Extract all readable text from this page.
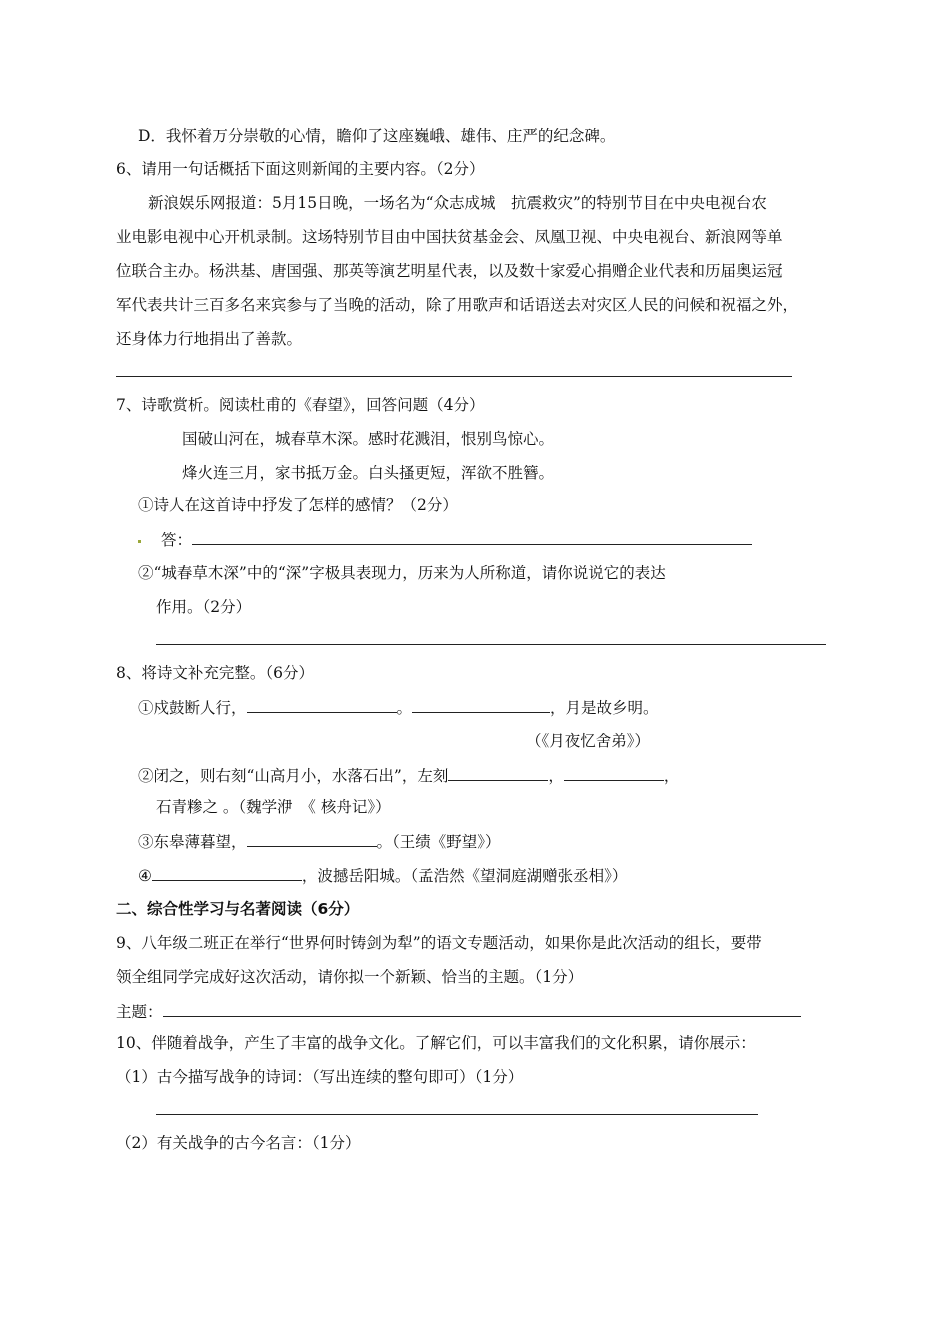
D．我怀着万分崇敬的心情，瞻仰了这座巍峨、雄伟、庄严的纪念碑。
6、请用一句话概括下面这则新闻的主要内容。（2分）
新浪娱乐网报道：5月15日晚，一场名为“众志成城　抗震救灾”的特别节目在中央电视台农
业电影电视中心开机录制。这场特别节目由中国扶贫基金会、凤凰卫视、中央电视台、新浪网等单
位联合主办。杨洪基、唐国强、那英等演艺明星代表，以及数十家爱心捐赠企业代表和历届奥运冠
军代表共计三百多名来宾参与了当晚的活动，除了用歌声和话语送去对灾区人民的问候和祝福之外，
还身体力行地捐出了善款。
7、诗歌赏析。阅读杜甫的《春望》，回答问题（4分）
国破山河在，城春草木深。感时花溅泪，恨别鸟惊心。
烽火连三月，家书抵万金。白头搔更短，浑欲不胜簪。
①诗人在这首诗中抒发了怎样的感情？（2分）
答：
②“城春草木深”中的“深”字极具表现力，历来为人所称道，请你说说它的表达
作用。（2分）
8、将诗文补充完整。（6分）
①戍鼓断人行，	。	，月是故乡明。
（《月夜忆舍弟》）
②闭之，则右刻“山高月小，水落石出”，左刻	，	，
石青糁之 。（魏学洢　《 核舟记》）
③东皋薄暮望，	。（王绩《野望》）
④	，波撼岳阳城。（孟浩然《望洞庭湖赠张丞相》）
二、综合性学习与名著阅读（6分）
9、八年级二班正在举行“世界何时铸剑为犁”的语文专题活动，如果你是此次活动的组长，要带
领全组同学完成好这次活动，请你拟一个新颖、恰当的主题。（1分）
主题：
10、伴随着战争，产生了丰富的战争文化。了解它们，可以丰富我们的文化积累，请你展示：
（1）古今描写战争的诗词：（写出连续的整句即可）（1分）
（2）有关战争的古今名言：（1分）
